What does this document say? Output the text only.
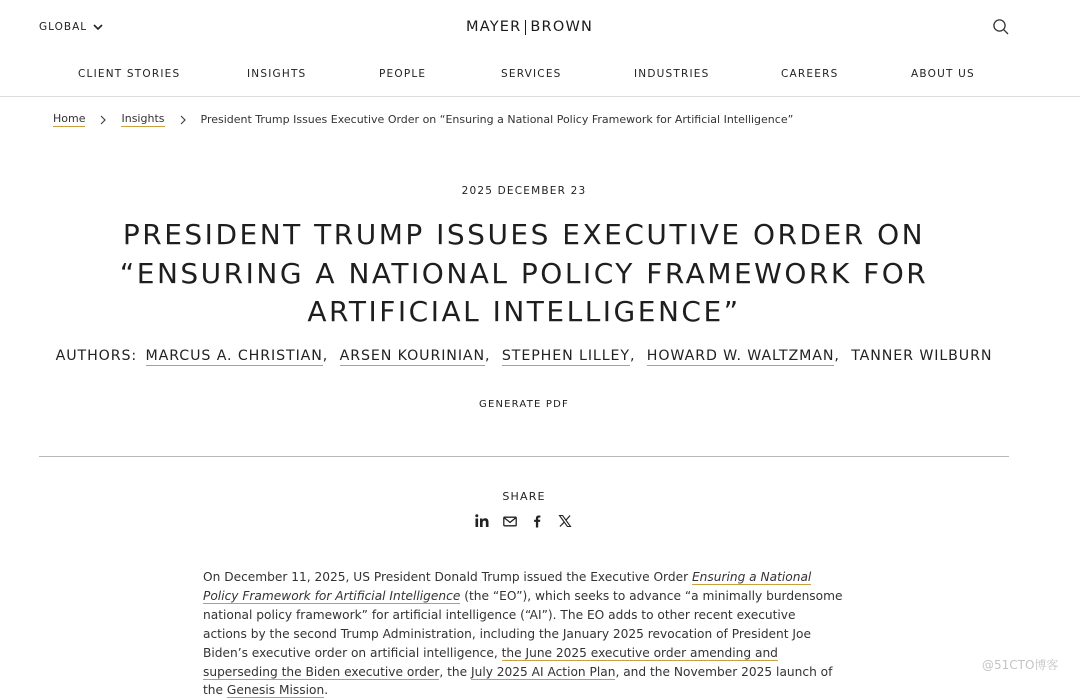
GLOBAL	MAYER BROWN
CLIENT STORIES	INSIGHTS	PEOPLE	SERVICES	INDUSTRIES	CAREERS	ABOUT US
Home	Insights	President Trump Issues Executive Order on “Ensuring a National Policy Framework for Artificial Intelligence”
2025 DECEMBER 23
PRESIDENT TRUMP ISSUES EXECUTIVE ORDER ON “ENSURING A NATIONAL POLICY FRAMEWORK FOR ARTIFICIAL INTELLIGENCE”
AUTHORS: MARCUS A. CHRISTIAN, ARSEN KOURINIAN, STEPHEN LILLEY, HOWARD W. WALTZMAN, TANNER WILBURN
GENERATE PDF
SHARE

On December 11, 2025, US President Donald Trump issued the Executive Order Ensuring a National Policy Framework for Artificial Intelligence (the “EO”), which seeks to advance “a minimally burdensome national policy framework” for artificial intelligence (“AI”). The EO adds to other recent executive actions by the second Trump Administration, including the January 2025 revocation of President Joe Biden’s executive order on artificial intelligence, the June 2025 executive order amending and superseding the Biden executive order, the July 2025 AI Action Plan, and the November 2025 launch of the Genesis Mission.

@51CTO博客
